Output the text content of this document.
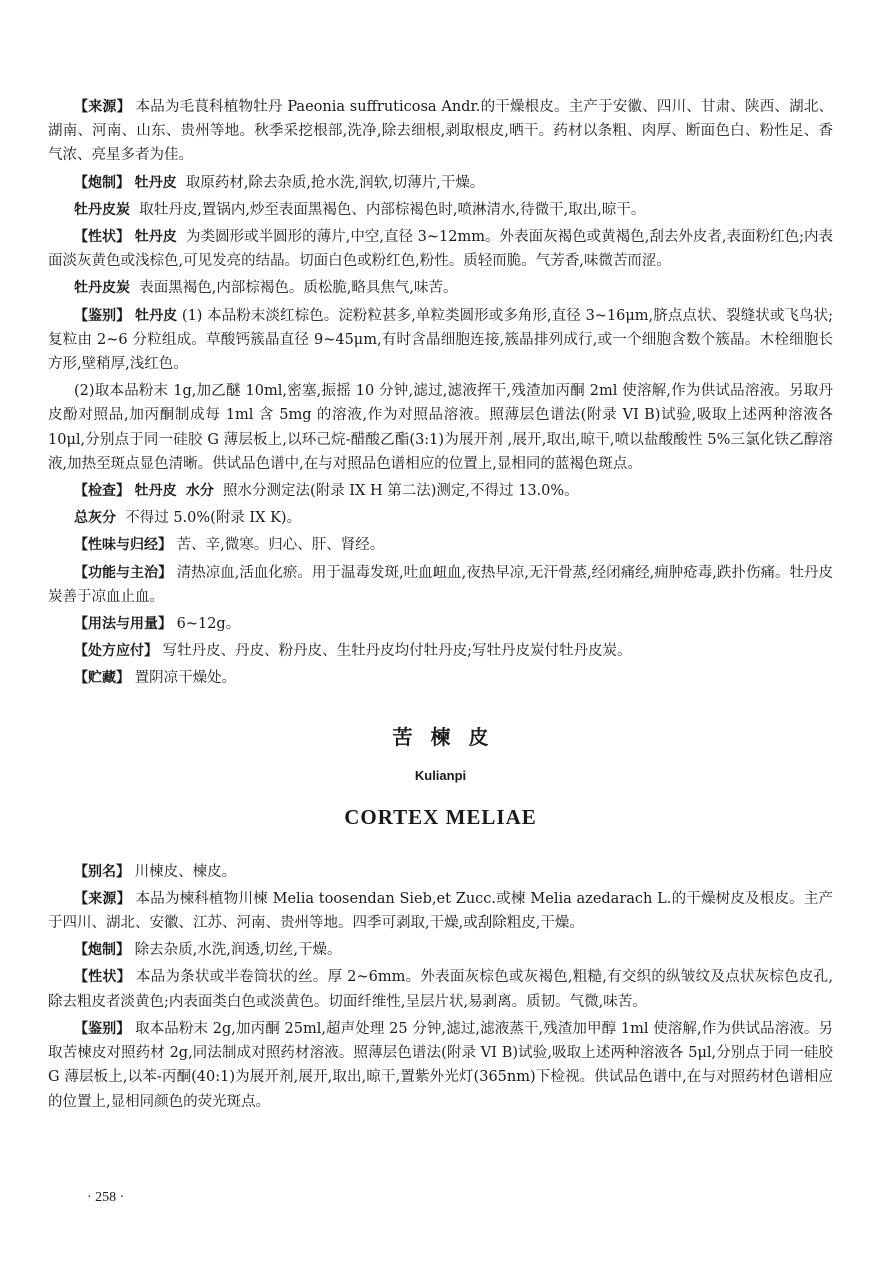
【来源】 本品为毛茛科植物牡丹 Paeonia suffruticosa Andr.的干燥根皮。主产于安徽、四川、甘肃、陕西、湖北、湖南、河南、山东、贵州等地。秋季采挖根部,洗净,除去细根,剥取根皮,晒干。药材以条粗、肉厚、断面色白、粉性足、香气浓、亮星多者为佳。

【炮制】 牡丹皮 取原药材,除去杂质,抢水洗,润软,切薄片,干燥。

牡丹皮炭 取牡丹皮,置锅内,炒至表面黑褐色、内部棕褐色时,喷淋清水,待微干,取出,晾干。

【性状】 牡丹皮 为类圆形或半圆形的薄片,中空,直径 3~12mm。外表面灰褐色或黄褐色,刮去外皮者,表面粉红色;内表面淡灰黄色或浅棕色,可见发亮的结晶。切面白色或粉红色,粉性。质轻而脆。气芳香,味微苦而涩。

牡丹皮炭 表面黑褐色,内部棕褐色。质松脆,略具焦气,味苦。

【鉴别】 牡丹皮 (1) 本品粉末淡红棕色。淀粉粒甚多,单粒类圆形或多角形,直径 3~16μm,脐点点状、裂缝状或飞鸟状;复粒由 2~6 分粒组成。草酸钙簇晶直径 9~45μm,有时含晶细胞连接,簇晶排列成行,或一个细胞含数个簇晶。木栓细胞长方形,壁稍厚,浅红色。

(2)取本品粉末 1g,加乙醚 10ml,密塞,振摇 10 分钟,滤过,滤液挥干,残渣加丙酮 2ml 使溶解,作为供试品溶液。另取丹皮酚对照品,加丙酮制成每 1ml 含 5mg 的溶液,作为对照品溶液。照薄层色谱法(附录 VI B)试验,吸取上述两种溶液各 10μl,分别点于同一硅胶 G 薄层板上,以环己烷-醋酸乙酯(3:1)为展开剂 ,展开,取出,晾干,喷以盐酸酸性 5%三氯化铁乙醇溶液,加热至斑点显色清晰。供试品色谱中,在与对照品色谱相应的位置上,显相同的蓝褐色斑点。

【检查】 牡丹皮 水分 照水分测定法(附录 IX H 第二法)测定,不得过 13.0%。

总灰分 不得过 5.0%(附录 IX K)。

【性味与归经】 苦、辛,微寒。归心、肝、肾经。

【功能与主治】 清热凉血,活血化瘀。用于温毒发斑,吐血衄血,夜热早凉,无汗骨蒸,经闭痛经,痈肿疮毒,跌扑伤痛。牡丹皮炭善于凉血止血。

【用法与用量】 6~12g。

【处方应付】 写牡丹皮、丹皮、粉丹皮、生牡丹皮均付牡丹皮;写牡丹皮炭付牡丹皮炭。

【贮藏】 置阴凉干燥处。

苦楝皮
Kulianpi
CORTEX MELIAE

【别名】 川楝皮、楝皮。

【来源】 本品为楝科植物川楝 Melia toosendan Sieb,et Zucc.或楝 Melia azedarach L.的干燥树皮及根皮。主产于四川、湖北、安徽、江苏、河南、贵州等地。四季可剥取,干燥,或刮除粗皮,干燥。

【炮制】 除去杂质,水洗,润透,切丝,干燥。

【性状】 本品为条状或半卷筒状的丝。厚 2~6mm。外表面灰棕色或灰褐色,粗糙,有交织的纵皱纹及点状灰棕色皮孔,除去粗皮者淡黄色;内表面类白色或淡黄色。切面纤维性,呈层片状,易剥离。质韧。气微,味苦。

【鉴别】 取本品粉末 2g,加丙酮 25ml,超声处理 25 分钟,滤过,滤液蒸干,残渣加甲醇 1ml 使溶解,作为供试品溶液。另取苦楝皮对照药材 2g,同法制成对照药材溶液。照薄层色谱法(附录 VI B)试验,吸取上述两种溶液各 5μl,分别点于同一硅胶 G 薄层板上,以苯-丙酮(40:1)为展开剂,展开,取出,晾干,置紫外光灯(365nm)下检视。供试品色谱中,在与对照药材色谱相应的位置上,显相同颜色的荧光斑点。

· 258 ·
